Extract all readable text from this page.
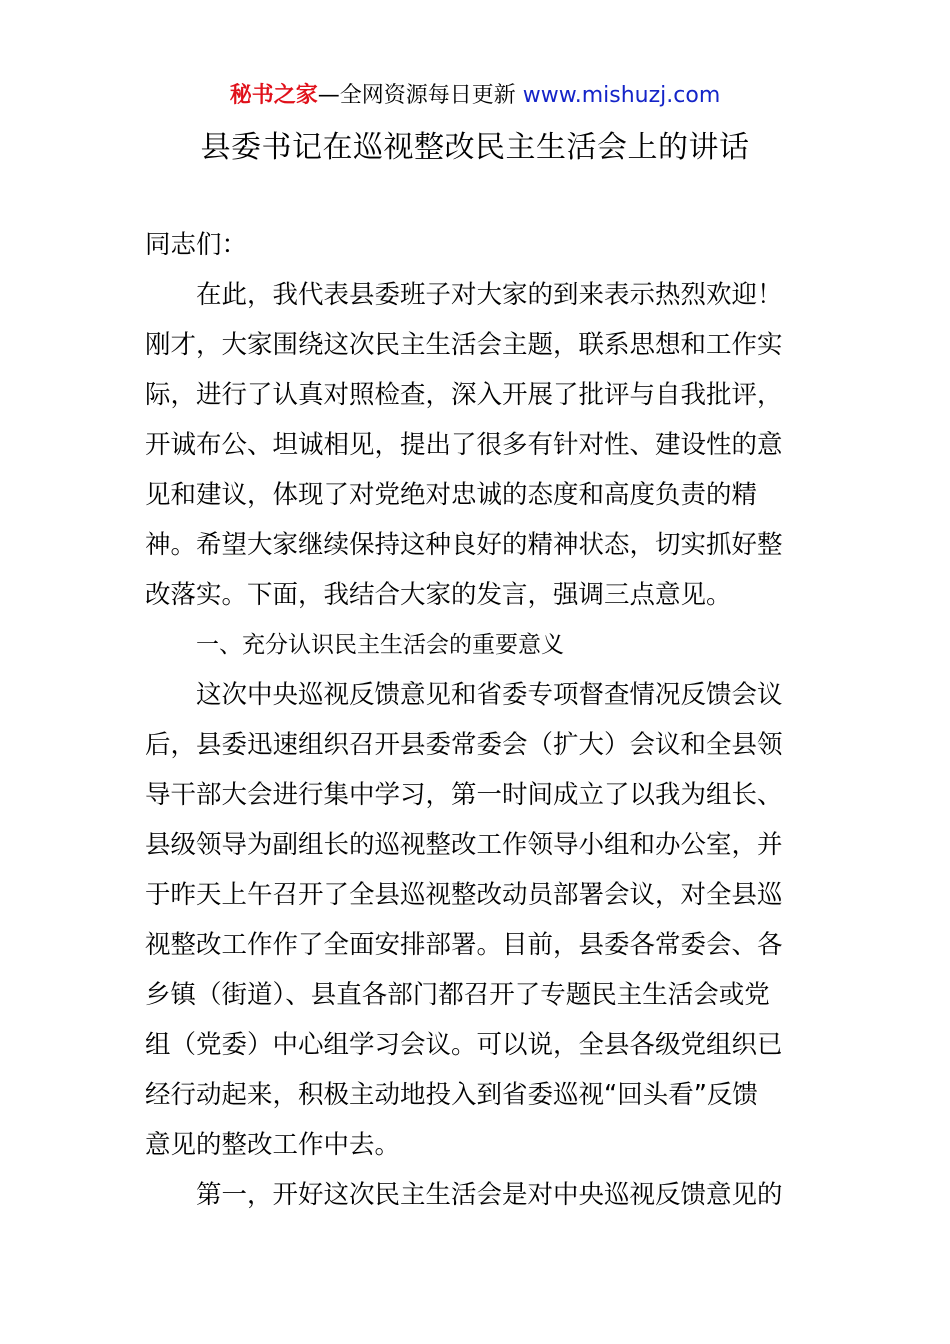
秘书之家—全网资源每日更新 www.mishuzj.com
县委书记在巡视整改民主生活会上的讲话
同志们：
在此，我代表县委班子对大家的到来表示热烈欢迎！
刚才，大家围绕这次民主生活会主题，联系思想和工作实
际，进行了认真对照检查，深入开展了批评与自我批评，
开诚布公、坦诚相见，提出了很多有针对性、建设性的意
见和建议，体现了对党绝对忠诚的态度和高度负责的精
神。希望大家继续保持这种良好的精神状态，切实抓好整
改落实。下面，我结合大家的发言，强调三点意见。
一、充分认识民主生活会的重要意义
这次中央巡视反馈意见和省委专项督查情况反馈会议
后，县委迅速组织召开县委常委会（扩大）会议和全县领
导干部大会进行集中学习，第一时间成立了以我为组长、
县级领导为副组长的巡视整改工作领导小组和办公室，并
于昨天上午召开了全县巡视整改动员部署会议，对全县巡
视整改工作作了全面安排部署。目前，县委各常委会、各
乡镇（街道）、县直各部门都召开了专题民主生活会或党
组（党委）中心组学习会议。可以说，全县各级党组织已
经行动起来，积极主动地投入到省委巡视“回头看”反馈
意见的整改工作中去。
第一，开好这次民主生活会是对中央巡视反馈意见的
